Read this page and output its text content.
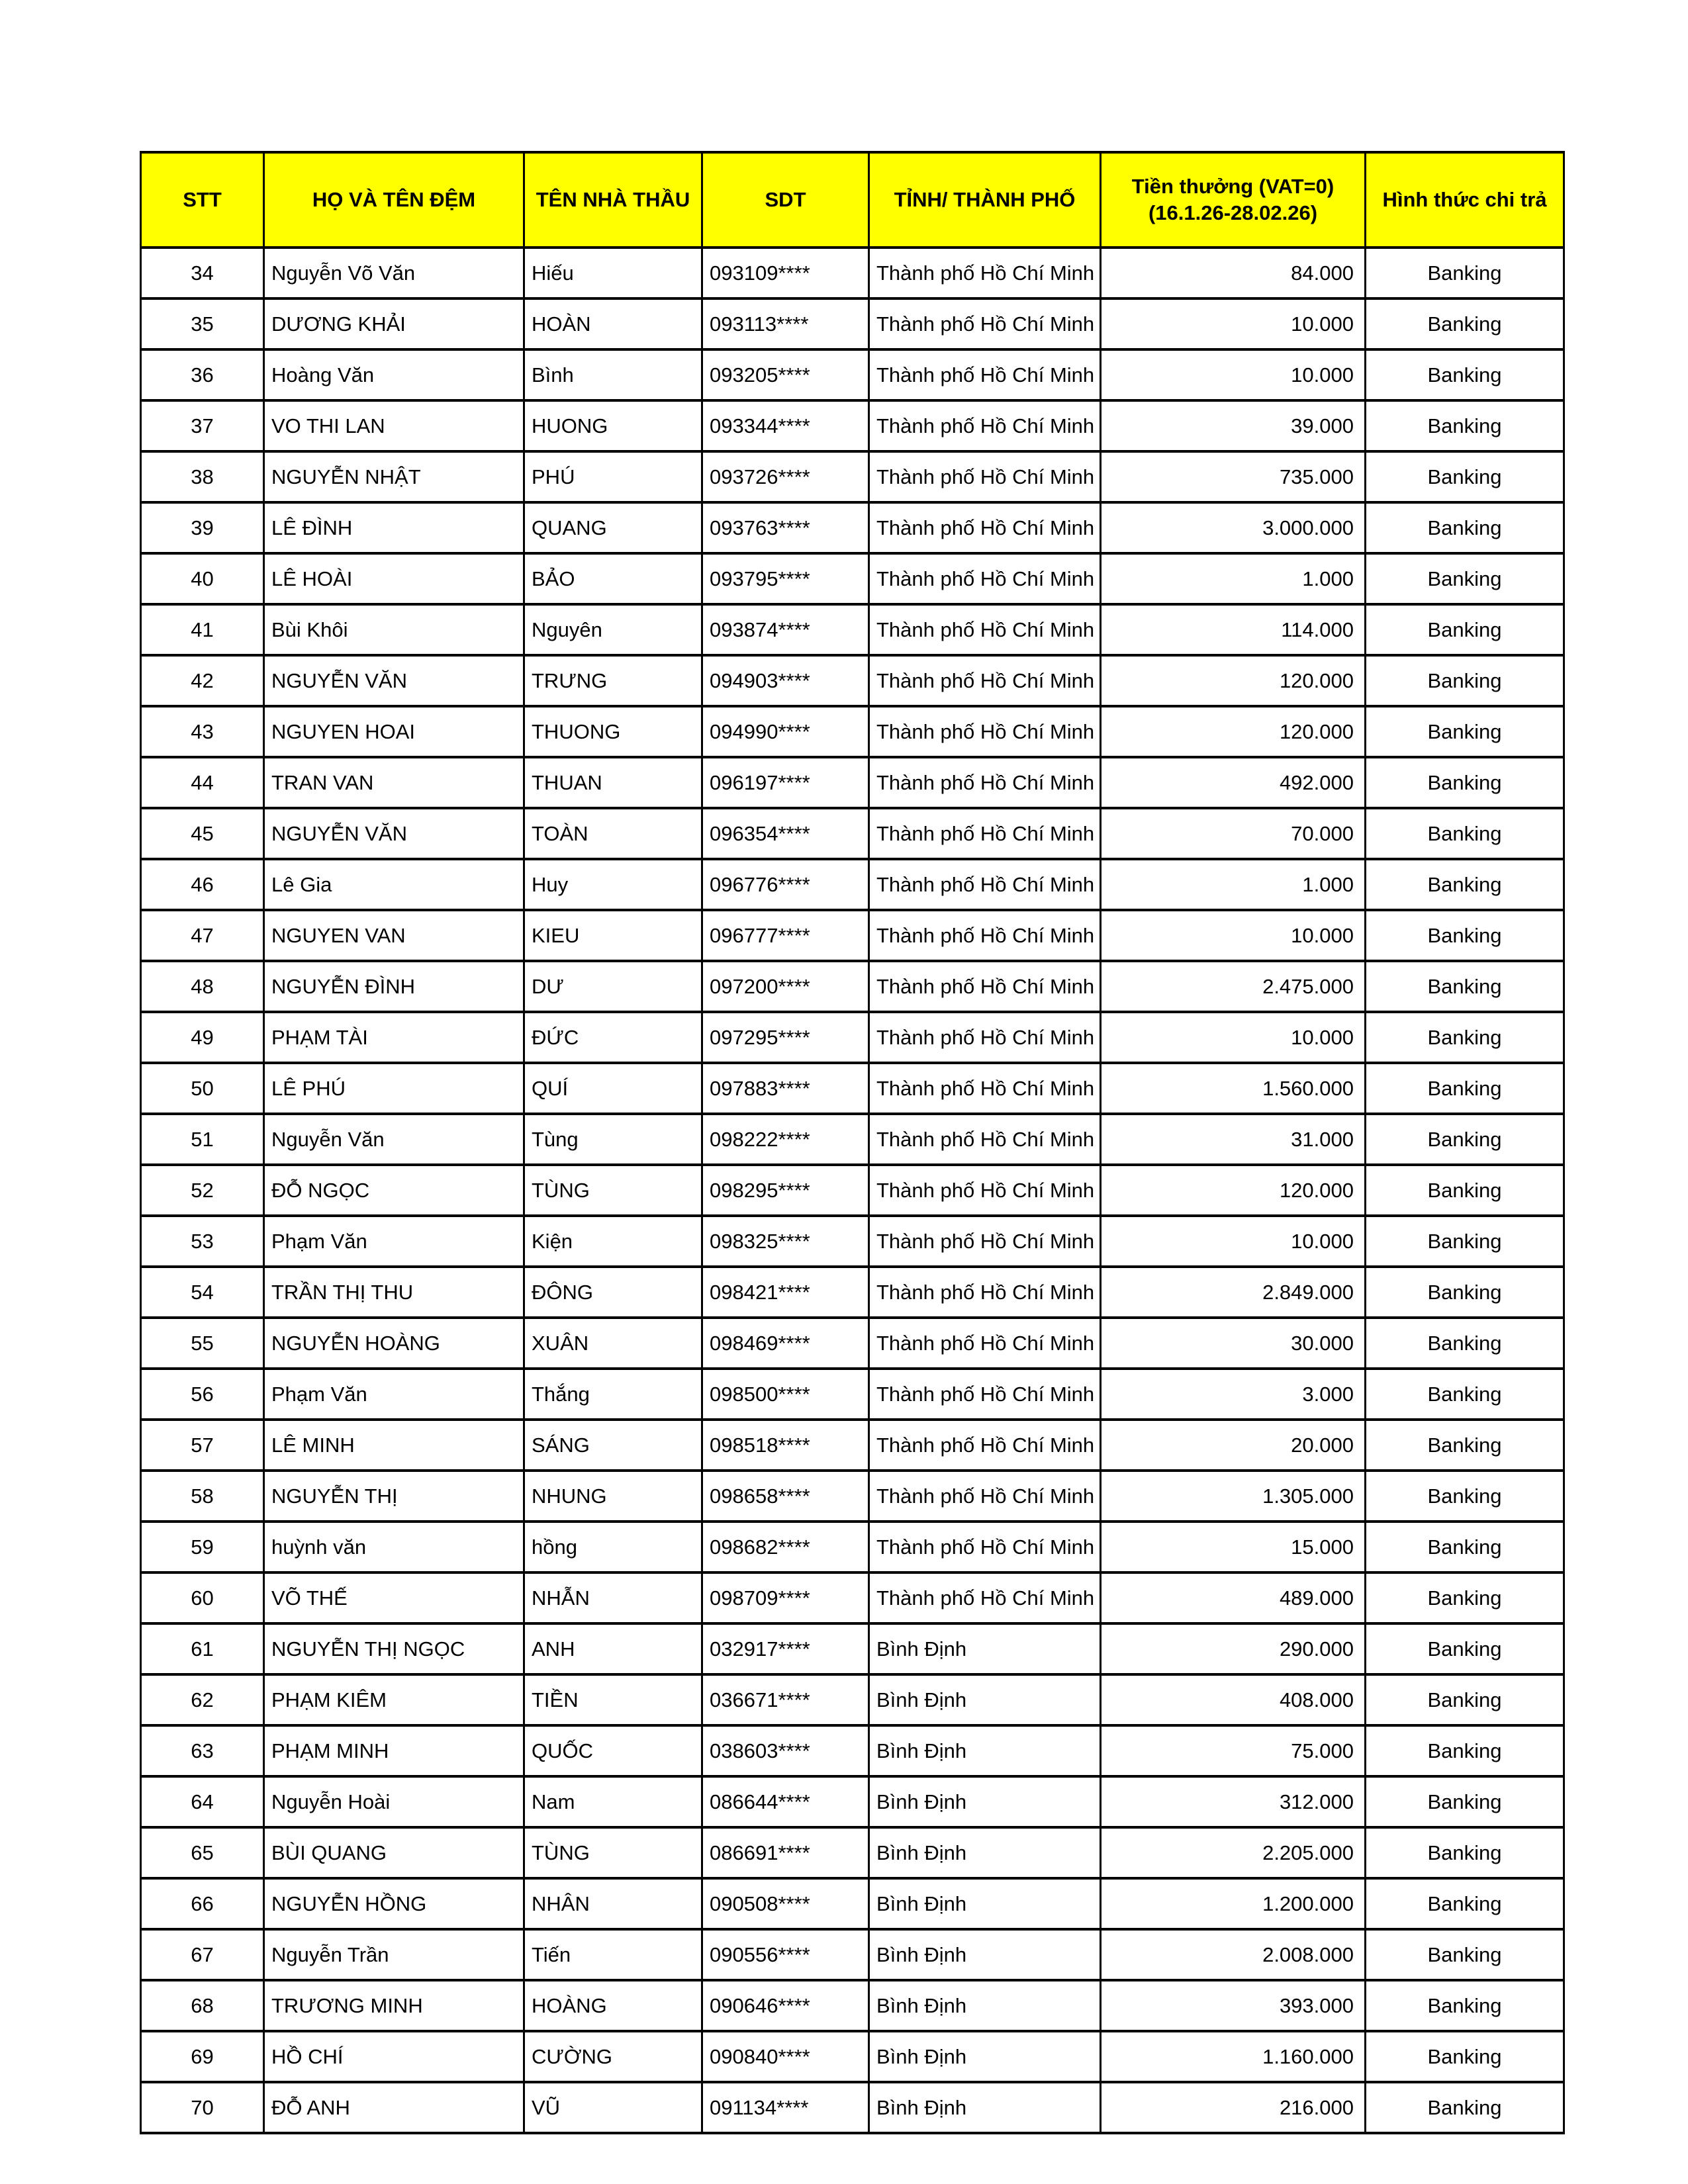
STT	HỌ VÀ TÊN ĐỆM	TÊN NHÀ THẦU	SDT	TỈNH/ THÀNH PHỐ	Tiền thưởng (VAT=0)
(16.1.26-28.02.26)	Hình thức chi trả
34	Nguyễn Võ Văn	Hiếu	093109****	Thành phố Hồ Chí Minh	84.000	Banking
35	DƯƠNG KHẢI	HOÀN	093113****	Thành phố Hồ Chí Minh	10.000	Banking
36	Hoàng Văn	Bình	093205****	Thành phố Hồ Chí Minh	10.000	Banking
37	VO THI LAN	HUONG	093344****	Thành phố Hồ Chí Minh	39.000	Banking
38	NGUYỄN NHẬT	PHÚ	093726****	Thành phố Hồ Chí Minh	735.000	Banking
39	LÊ ĐÌNH	QUANG	093763****	Thành phố Hồ Chí Minh	3.000.000	Banking
40	LÊ HOÀI	BẢO	093795****	Thành phố Hồ Chí Minh	1.000	Banking
41	Bùi Khôi	Nguyên	093874****	Thành phố Hồ Chí Minh	114.000	Banking
42	NGUYỄN VĂN	TRƯNG	094903****	Thành phố Hồ Chí Minh	120.000	Banking
43	NGUYEN HOAI	THUONG	094990****	Thành phố Hồ Chí Minh	120.000	Banking
44	TRAN VAN	THUAN	096197****	Thành phố Hồ Chí Minh	492.000	Banking
45	NGUYỄN VĂN	TOÀN	096354****	Thành phố Hồ Chí Minh	70.000	Banking
46	Lê Gia	Huy	096776****	Thành phố Hồ Chí Minh	1.000	Banking
47	NGUYEN VAN	KIEU	096777****	Thành phố Hồ Chí Minh	10.000	Banking
48	NGUYỄN ĐÌNH	DƯ	097200****	Thành phố Hồ Chí Minh	2.475.000	Banking
49	PHẠM TÀI	ĐỨC	097295****	Thành phố Hồ Chí Minh	10.000	Banking
50	LÊ PHÚ	QUÍ	097883****	Thành phố Hồ Chí Minh	1.560.000	Banking
51	Nguyễn Văn	Tùng	098222****	Thành phố Hồ Chí Minh	31.000	Banking
52	ĐỖ NGỌC	TÙNG	098295****	Thành phố Hồ Chí Minh	120.000	Banking
53	Phạm Văn	Kiện	098325****	Thành phố Hồ Chí Minh	10.000	Banking
54	TRẦN THỊ THU	ĐÔNG	098421****	Thành phố Hồ Chí Minh	2.849.000	Banking
55	NGUYỄN HOÀNG	XUÂN	098469****	Thành phố Hồ Chí Minh	30.000	Banking
56	Phạm Văn	Thắng	098500****	Thành phố Hồ Chí Minh	3.000	Banking
57	LÊ MINH	SÁNG	098518****	Thành phố Hồ Chí Minh	20.000	Banking
58	NGUYỄN THỊ	NHUNG	098658****	Thành phố Hồ Chí Minh	1.305.000	Banking
59	huỳnh văn	hồng	098682****	Thành phố Hồ Chí Minh	15.000	Banking
60	VÕ THẾ	NHẪN	098709****	Thành phố Hồ Chí Minh	489.000	Banking
61	NGUYỄN THỊ NGỌC	ANH	032917****	Bình Định	290.000	Banking
62	PHẠM KIÊM	TIỀN	036671****	Bình Định	408.000	Banking
63	PHẠM MINH	QUỐC	038603****	Bình Định	75.000	Banking
64	Nguyễn Hoài	Nam	086644****	Bình Định	312.000	Banking
65	BÙI QUANG	TÙNG	086691****	Bình Định	2.205.000	Banking
66	NGUYỄN HỒNG	NHÂN	090508****	Bình Định	1.200.000	Banking
67	Nguyễn Trần	Tiến	090556****	Bình Định	2.008.000	Banking
68	TRƯƠNG MINH	HOÀNG	090646****	Bình Định	393.000	Banking
69	HỒ CHÍ	CƯỜNG	090840****	Bình Định	1.160.000	Banking
70	ĐỖ ANH	VŨ	091134****	Bình Định	216.000	Banking
